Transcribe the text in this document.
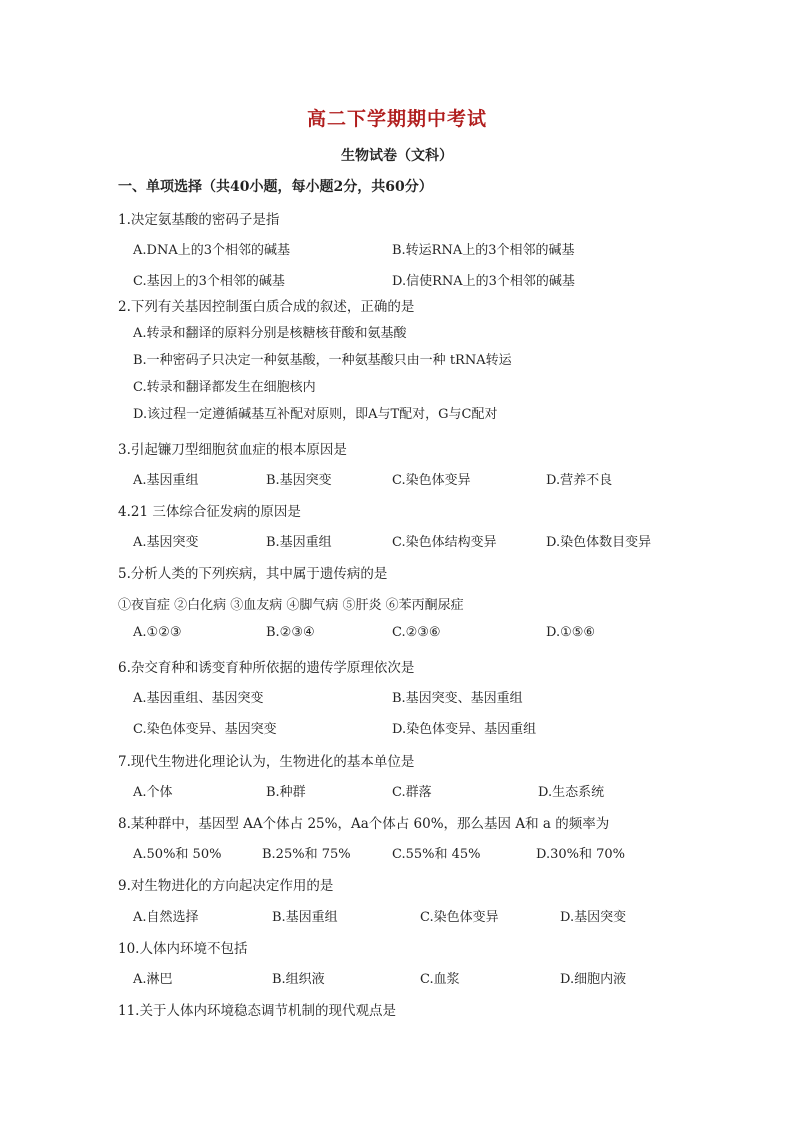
高二下学期期中考试
生物试卷（文科）
一、单项选择（共40小题，每小题2分，共60分）
1.决定氨基酸的密码子是指
A.DNA上的3个相邻的碱基	B.转运RNA上的3个相邻的碱基
C.基因上的3个相邻的碱基	D.信使RNA上的3个相邻的碱基
2.下列有关基因控制蛋白质合成的叙述，正确的是
A.转录和翻译的原料分别是核糖核苷酸和氨基酸
B.一种密码子只决定一种氨基酸，一种氨基酸只由一种 tRNA转运
C.转录和翻译都发生在细胞核内
D.该过程一定遵循碱基互补配对原则，即A与T配对，G与C配对
3.引起镰刀型细胞贫血症的根本原因是
A.基因重组	B.基因突变	C.染色体变异	D.营养不良
4.21 三体综合征发病的原因是
A.基因突变	B.基因重组	C.染色体结构变异	D.染色体数目变异
5.分析人类的下列疾病，其中属于遗传病的是
①夜盲症 ②白化病 ③血友病 ④脚气病 ⑤肝炎 ⑥苯丙酮尿症
A.①②③	B.②③④	C.②③⑥	D.①⑤⑥
6.杂交育种和诱变育种所依据的遗传学原理依次是
A.基因重组、基因突变	B.基因突变、基因重组
C.染色体变异、基因突变	D.染色体变异、基因重组
7.现代生物进化理论认为，生物进化的基本单位是
A.个体	B.种群	C.群落	D.生态系统
8.某种群中，基因型 AA个体占 25%，Aa个体占 60%，那么基因 A和 a 的频率为
A.50%和 50%	B.25%和 75%	C.55%和 45%	D.30%和 70%
9.对生物进化的方向起决定作用的是
A.自然选择	B.基因重组	C.染色体变异	D.基因突变
10.人体内环境不包括
A.淋巴	B.组织液	C.血浆	D.细胞内液
11.关于人体内环境稳态调节机制的现代观点是
